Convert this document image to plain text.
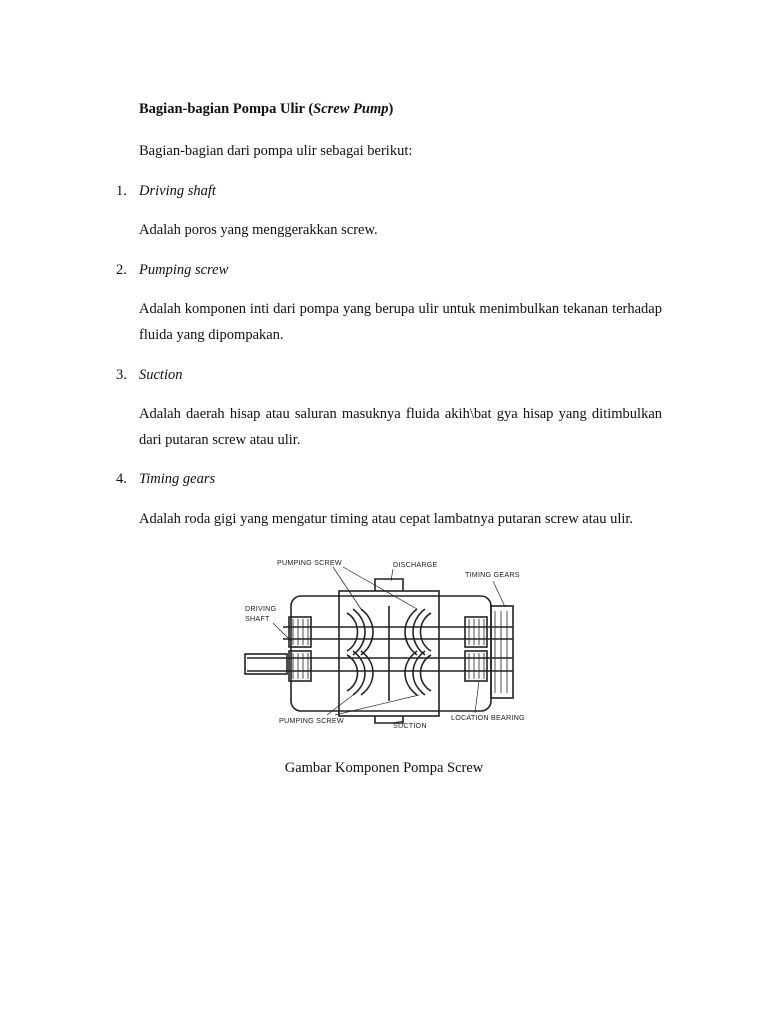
Bagian-bagian Pompa Ulir (Screw Pump)
Bagian-bagian dari pompa ulir sebagai berikut:
1. Driving shaft
Adalah poros yang menggerakkan screw.
2. Pumping screw
Adalah komponen inti dari pompa yang berupa ulir untuk menimbulkan tekanan terhadap fluida yang dipompakan.
3. Suction
Adalah daerah hisap atau saluran masuknya fluida akih\bat gya hisap yang ditimbulkan dari putaran screw atau ulir.
4. Timing gears
Adalah roda gigi yang mengatur timing atau cepat lambatnya putaran screw atau ulir.
PUMPING SCREW	DISCHARGE
TIMING GEARS
DRIVING
SHAFT
PUMPING SCREW
SUCTION
LOCATION BEARING
Gambar Komponen Pompa Screw
